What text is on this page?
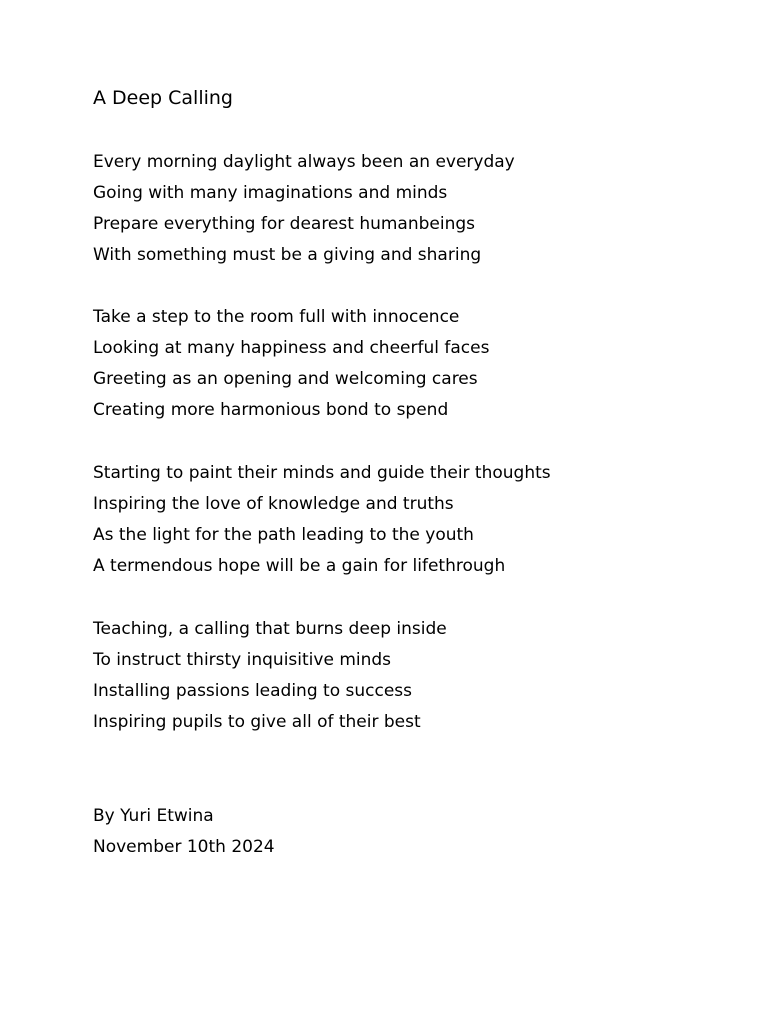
A Deep Calling
Every morning daylight always been an everyday
Going with many imaginations and minds
Prepare everything for dearest humanbeings
With something must be a giving and sharing
Take a step to the room full with innocence
Looking at many happiness and cheerful faces
Greeting as an opening and welcoming cares
Creating more harmonious bond to spend
Starting to paint their minds and guide their thoughts
Inspiring the love of knowledge and truths
As the light for the path leading to the youth
A termendous hope will be a gain for lifethrough
Teaching, a calling that burns deep inside
To instruct thirsty inquisitive minds
Installing passions leading to success
Inspiring pupils to give all of their best
By Yuri Etwina
November 10th 2024
